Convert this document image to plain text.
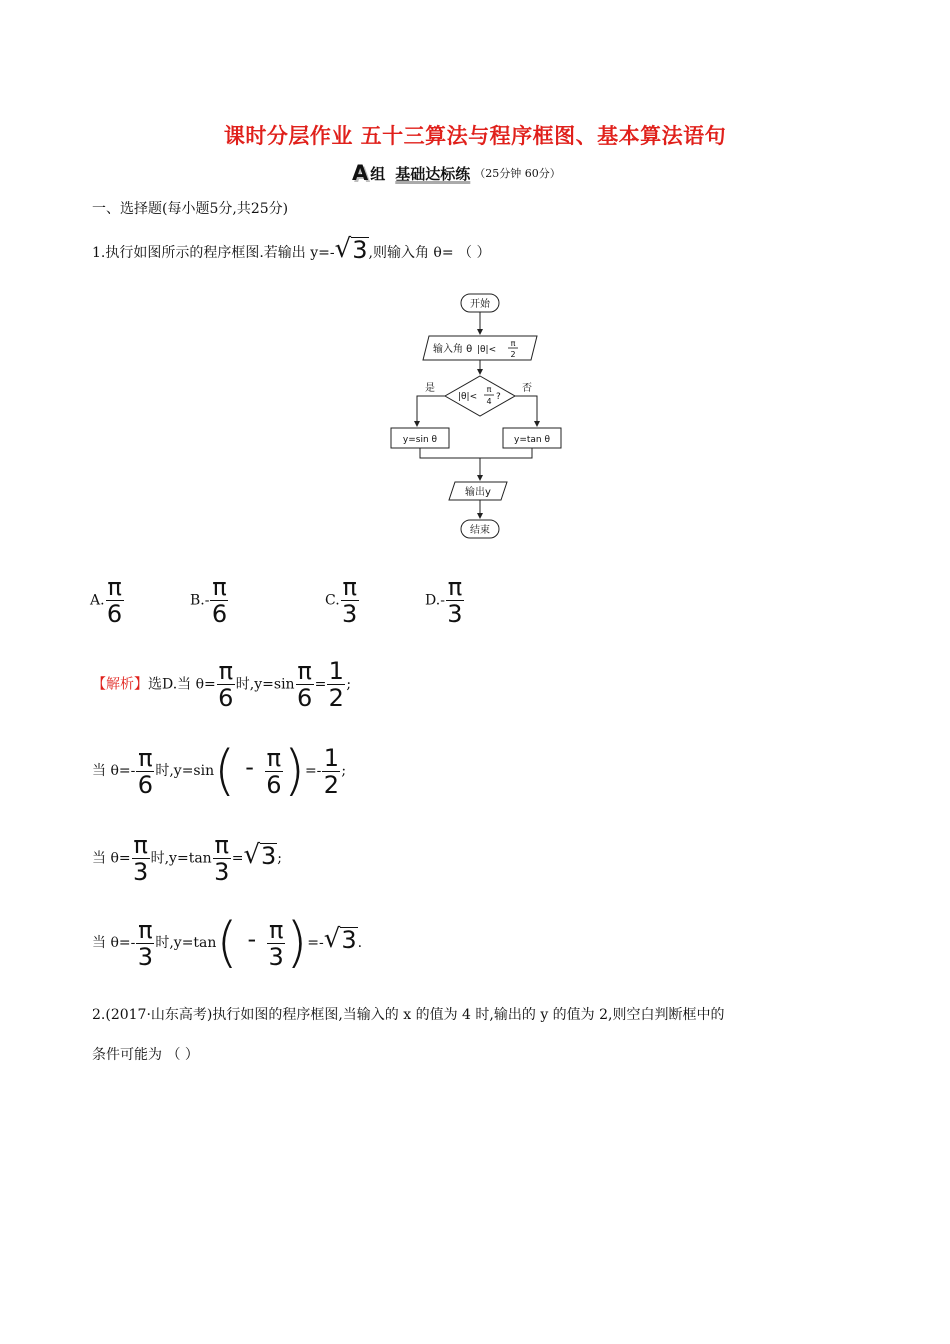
课时分层作业 五十三算法与程序框图、基本算法语句
A 组 基础达标练 （25分钟 60分）
一、选择题(每小题5分,共25分)
1.执行如图所示的程序框图.若输出 y=- √ 3 ,则输入角 θ= （ ）
开始
输入角 θ |θ|<
π
2
|θ|<
π
4 ?
是	否
y=sin θ	y=tan θ
输出y
结束
A. $\frac{\pi}{6}$	$B.- \frac{\pi}{6}$	C. $\frac{\pi}{3}$	$D.- \frac{\pi}{3}$
【解析】选D.当 $\theta= \frac{\pi}{6}$ 时$,y=\sin \frac{\pi}{6} = \frac{1}{2}$ ;
当 $\theta=- \frac{\pi}{6}$ 时$,y=\sin( - \frac{\pi}{6}$ )=- $\frac{1}{2}$ ;
当 $\theta= \frac{\pi}{3}$ 时$,y=\tan \frac{\pi}{3}$ = √ 3 ;
当 $\theta=- \frac{\pi}{3}$ 时$,y=\tan( - \frac{\pi}{3}$ )=- √ 3 .
2.(2017·山东高考)执行如图的程序框图,当输入的 x 的值为 4 时,输出的 y 的值为 2,则空白判断框中的
条件可能为 （ ）
